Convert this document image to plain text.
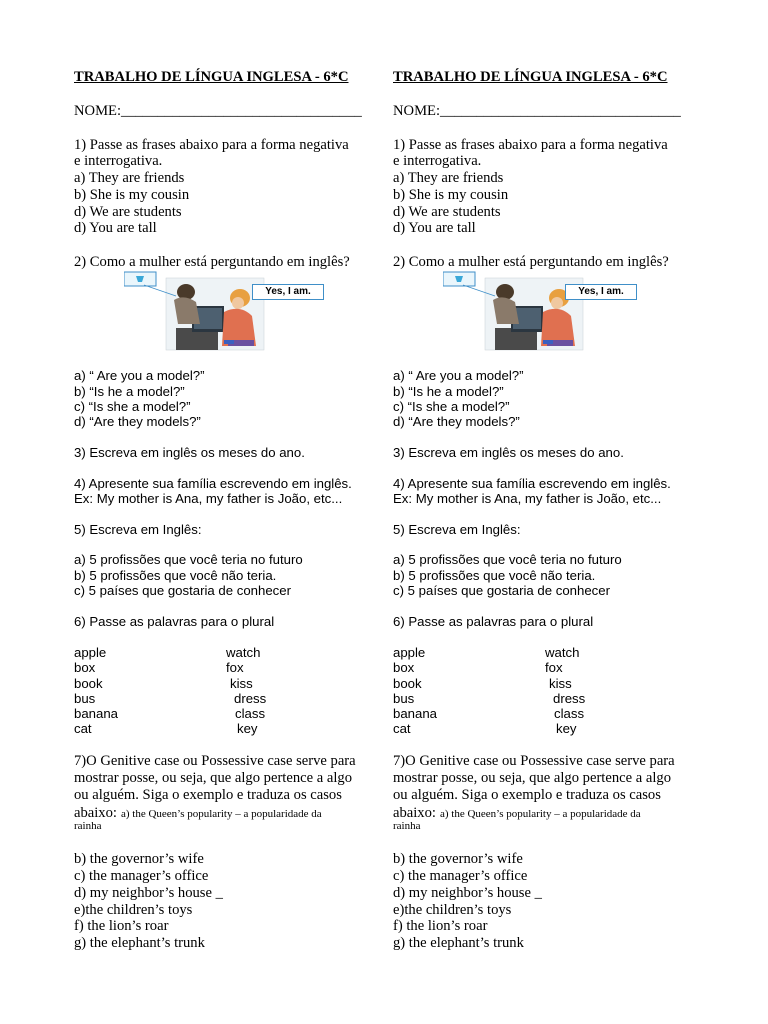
TRABALHO DE LÍNGUA INGLESA - 6*C
NOME:_________________________________
1) Passe as frases abaixo para a forma negativa
e interrogativa.
a) They are friends
b) She is my cousin
d) We are students
d) You are tall
2) Como a mulher está perguntando em inglês?
Yes, I am.
a) “ Are you a model?”
b) “Is he a model?”
c) “Is she a model?”
d) “Are they models?”
3) Escreva em inglês os meses do ano.
4) Apresente sua família escrevendo em inglês.
Ex: My mother is Ana, my father is João, etc...
5) Escreva em Inglês:
a) 5 profissões que você teria no futuro
b) 5 profissões que você não teria.
c) 5 países que gostaria de conhecer
6) Passe as palavras para o plural
apple
box
book
bus
banana
cat
watch
fox
kiss
dress
class
key
7)O Genitive case ou Possessive case serve para
mostrar posse, ou seja, que algo pertence a algo
ou alguém. Siga o exemplo e traduza os casos
abaixo: a) the Queen’s popularity – a popularidade da
rainha
b) the governor’s wife
c) the manager’s office
d) my neighbor’s house _
e)the children’s toys
f) the lion’s roar
g) the elephant’s trunk
TRABALHO DE LÍNGUA INGLESA - 6*C
NOME:_________________________________
1) Passe as frases abaixo para a forma negativa
e interrogativa.
a) They are friends
b) She is my cousin
d) We are students
d) You are tall
2) Como a mulher está perguntando em inglês?
Yes, I am.
a) “ Are you a model?”
b) “Is he a model?”
c) “Is she a model?”
d) “Are they models?”
3) Escreva em inglês os meses do ano.
4) Apresente sua família escrevendo em inglês.
Ex: My mother is Ana, my father is João, etc...
5) Escreva em Inglês:
a) 5 profissões que você teria no futuro
b) 5 profissões que você não teria.
c) 5 países que gostaria de conhecer
6) Passe as palavras para o plural
apple
box
book
bus
banana
cat
watch
fox
kiss
dress
class
key
7)O Genitive case ou Possessive case serve para
mostrar posse, ou seja, que algo pertence a algo
ou alguém. Siga o exemplo e traduza os casos
abaixo: a) the Queen’s popularity – a popularidade da
rainha
b) the governor’s wife
c) the manager’s office
d) my neighbor’s house _
e)the children’s toys
f) the lion’s roar
g) the elephant’s trunk
